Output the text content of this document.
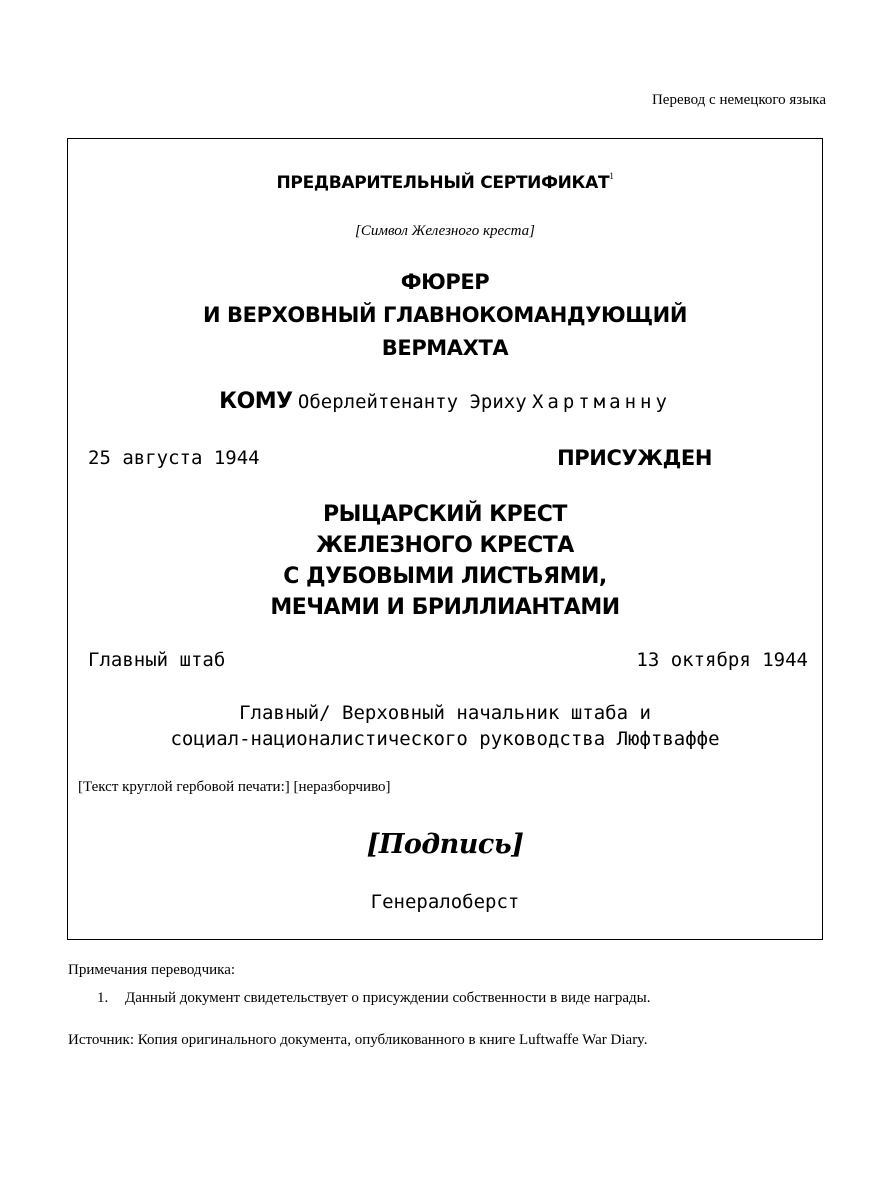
Перевод с немецкого языка
ПРЕДВАРИТЕЛЬНЫЙ СЕРТИФИКАТ$^1$
[Символ Железного креста]
ФЮРЕР
И ВЕРХОВНЫЙ ГЛАВНОКОМАНДУЮЩИЙ
ВЕРМАХТА
КОМУ Оберлейтенанту Эриху Хартманну
25 августа 1944	ПРИСУЖДЕН
РЫЦАРСКИЙ КРЕСТ
ЖЕЛЕЗНОГО КРЕСТА
С ДУБОВЫМИ ЛИСТЬЯМИ,
МЕЧАМИ И БРИЛЛИАНТАМИ
Главный штаб	13 октября 1944
Главный/ Верховный начальник штаба и
социал-националистического руководства Люфтваффе
[Текст круглой гербовой печати:] [неразборчиво]
[Подпись]
Генералоберст
Примечания переводчика:
1. Данный документ свидетельствует о присуждении собственности в виде награды.
Источник: Копия оригинального документа, опубликованного в книге Luftwaffe War Diary.
